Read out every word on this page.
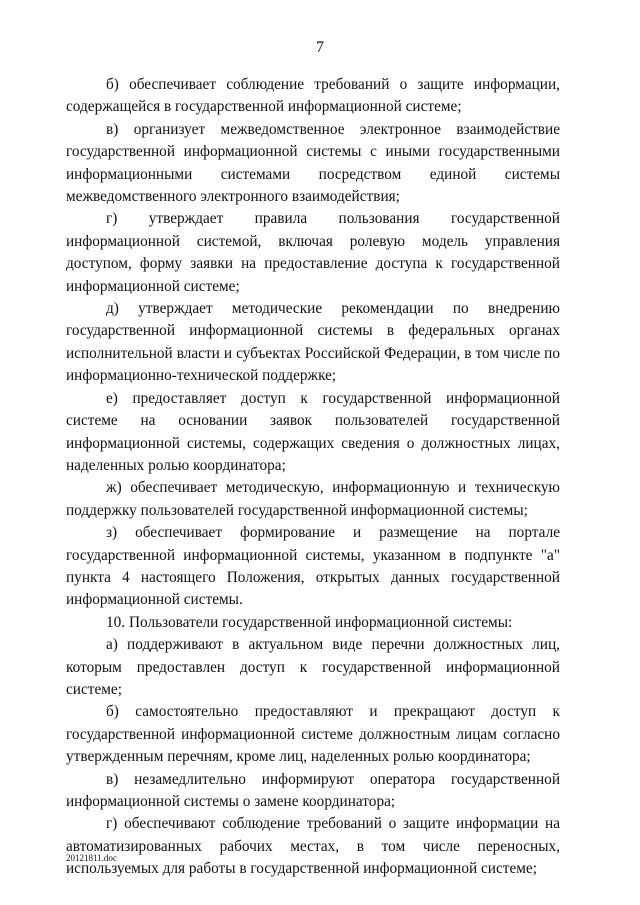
7

б) обеспечивает соблюдение требований о защите информации, содержащейся в государственной информационной системе;

в) организует межведомственное электронное взаимодействие государственной информационной системы с иными государственными информационными системами посредством единой системы межведомственного электронного взаимодействия;

г) утверждает правила пользования государственной информационной системой, включая ролевую модель управления доступом, форму заявки на предоставление доступа к государственной информационной системе;

д) утверждает методические рекомендации по внедрению государственной информационной системы в федеральных органах исполнительной власти и субъектах Российской Федерации, в том числе по информационно-технической поддержке;

е) предоставляет доступ к государственной информационной системе на основании заявок пользователей государственной информационной системы, содержащих сведения о должностных лицах, наделенных ролью координатора;

ж) обеспечивает методическую, информационную и техническую поддержку пользователей государственной информационной системы;

з) обеспечивает формирование и размещение на портале государственной информационной системы, указанном в подпункте "а" пункта 4 настоящего Положения, открытых данных государственной информационной системы.

10. Пользователи государственной информационной системы:

а) поддерживают в актуальном виде перечни должностных лиц, которым предоставлен доступ к государственной информационной системе;

б) самостоятельно предоставляют и прекращают доступ к государственной информационной системе должностным лицам согласно утвержденным перечням, кроме лиц, наделенных ролью координатора;

в) незамедлительно информируют оператора государственной информационной системы о замене координатора;

г) обеспечивают соблюдение требований о защите информации на автоматизированных рабочих местах, в том числе переносных, используемых для работы в государственной информационной системе;

20121811.doc
